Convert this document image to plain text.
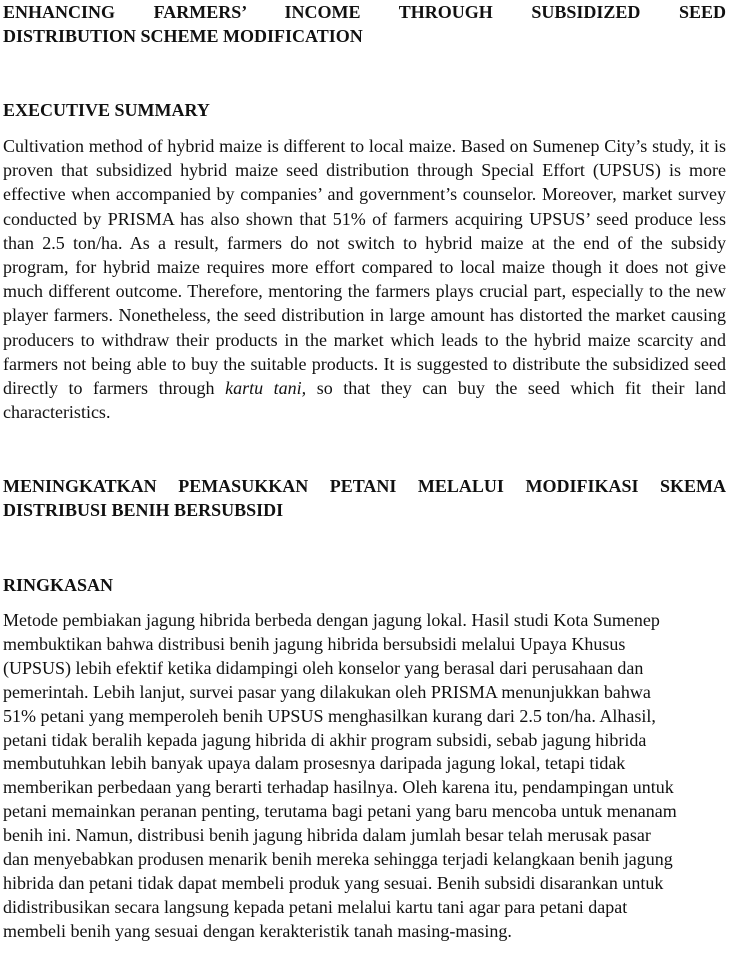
ENHANCING FARMERS’ INCOME THROUGH SUBSIDIZED SEED
DISTRIBUTION SCHEME MODIFICATION
EXECUTIVE SUMMARY

Cultivation method of hybrid maize is different to local maize. Based on Sumenep City’s study, it is proven that subsidized hybrid maize seed distribution through Special Effort (UPSUS) is more effective when accompanied by companies’ and government’s counselor. Moreover, market survey conducted by PRISMA has also shown that 51% of farmers acquiring UPSUS’ seed produce less than 2.5 ton/ha. As a result, farmers do not switch to hybrid maize at the end of the subsidy program, for hybrid maize requires more effort compared to local maize though it does not give much different outcome. Therefore, mentoring the farmers plays crucial part, especially to the new player farmers. Nonetheless, the seed distribution in large amount has distorted the market causing producers to withdraw their products in the market which leads to the hybrid maize scarcity and farmers not being able to buy the suitable products. It is suggested to distribute the subsidized seed directly to farmers through kartu tani, so that they can buy the seed which fit their land characteristics.

MENINGKATKAN PEMASUKKAN PETANI MELALUI MODIFIKASI SKEMA
DISTRIBUSI BENIH BERSUBSIDI
RINGKASAN

Metode pembiakan jagung hibrida berbeda dengan jagung lokal. Hasil studi Kota Sumenep
membuktikan bahwa distribusi benih jagung hibrida bersubsidi melalui Upaya Khusus
(UPSUS) lebih efektif ketika didampingi oleh konselor yang berasal dari perusahaan dan
pemerintah. Lebih lanjut, survei pasar yang dilakukan oleh PRISMA menunjukkan bahwa
51% petani yang memperoleh benih UPSUS menghasilkan kurang dari 2.5 ton/ha. Alhasil,
petani tidak beralih kepada jagung hibrida di akhir program subsidi, sebab jagung hibrida
membutuhkan lebih banyak upaya dalam prosesnya daripada jagung lokal, tetapi tidak
memberikan perbedaan yang berarti terhadap hasilnya. Oleh karena itu, pendampingan untuk
petani memainkan peranan penting, terutama bagi petani yang baru mencoba untuk menanam
benih ini. Namun, distribusi benih jagung hibrida dalam jumlah besar telah merusak pasar
dan menyebabkan produsen menarik benih mereka sehingga terjadi kelangkaan benih jagung
hibrida dan petani tidak dapat membeli produk yang sesuai. Benih subsidi disarankan untuk
didistribusikan secara langsung kepada petani melalui kartu tani agar para petani dapat
membeli benih yang sesuai dengan kerakteristik tanah masing-masing.
